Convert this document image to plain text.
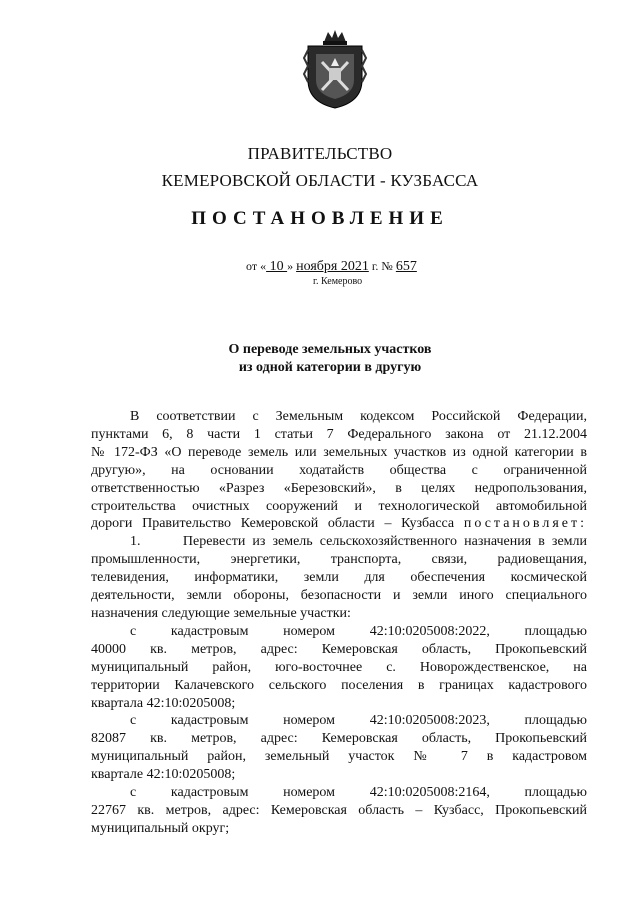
ПРАВИТЕЛЬСТВО
КЕМЕРОВСКОЙ ОБЛАСТИ - КУЗБАССА
ПОСТАНОВЛЕНИЕ
от « 10 » ноября 2021 г. № 657
г. Кемерово
О переводе земельных участков
из одной категории в другую

В соответствии с Земельным кодексом Российской Федерации,

пунктами 6, 8 части 1 статьи 7 Федерального закона от 21.12.2004

№ 172-ФЗ «О переводе земель или земельных участков из одной категории в

другую», на основании ходатайств общества с ограниченной

ответственностью «Разрез «Березовский», в целях недропользования,

строительства очистных сооружений и технологической автомобильной

дороги Правительство Кемеровской области – Кузбасса постановляет:

1.      Перевести из земель сельскохозяйственного назначения в земли

промышленности, энергетики, транспорта, связи, радиовещания,

телевидения, информатики, земли для обеспечения космической

деятельности, земли обороны, безопасности и земли иного специального

назначения следующие земельные участки:

с кадастровым номером 42:10:0205008:2022, площадью

40000 кв. метров, адрес: Кемеровская область, Прокопьевский

муниципальный район, юго-восточнее с. Новорождественское, на

территории Калачевского сельского поселения в границах кадастрового

квартала 42:10:0205008;

с кадастровым номером 42:10:0205008:2023, площадью

82087 кв. метров, адрес: Кемеровская область, Прокопьевский

муниципальный район, земельный участок № 7 в кадастровом

квартале 42:10:0205008;

с кадастровым номером 42:10:0205008:2164, площадью

22767 кв. метров, адрес: Кемеровская область – Кузбасс, Прокопьевский

муниципальный округ;
